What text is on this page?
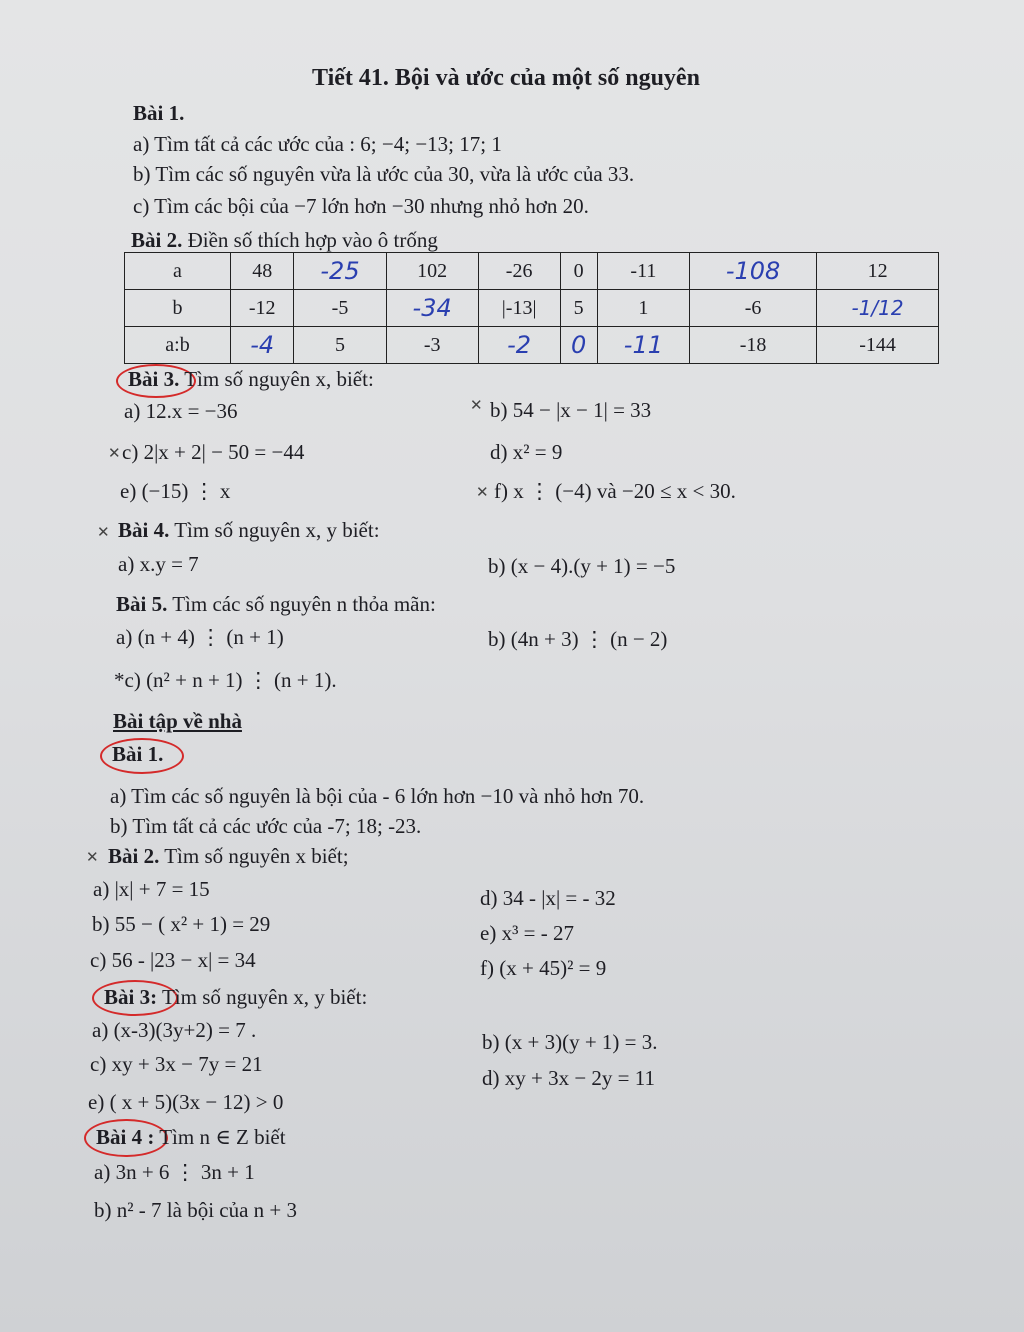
Tiết 41. Bội và ước của một số nguyên
Bài 1.
a) Tìm tất cả các ước của : 6; −4; −13; 17; 1
b) Tìm các số nguyên vừa là ước của 30, vừa là ước của 33.
c) Tìm các bội của −7 lớn hơn −30 nhưng nhỏ hơn 20.
Bài 2. Điền số thích hợp vào ô trống
a	48	-25	102	-26	0	-11	-108	12
b	-12	-5	-34	|-13|	5	1	-6	-1/12
a:b	-4	5	-3	-2	0	-11	-18	-144
Bài 3. Tìm số nguyên x, biết:
a) 12.x = −36	✕ b) 54 − |x − 1| = 33
✕ c) 2|x + 2| − 50 = −44	d) x² = 9
e) (−15) ⋮ x	✕ f) x ⋮ (−4) và −20 ≤ x < 30.
✕ Bài 4. Tìm số nguyên x, y biết:
a) x.y = 7	b) (x − 4).(y + 1) = −5
Bài 5. Tìm các số nguyên n thỏa mãn:
a) (n + 4) ⋮ (n + 1)	b) (4n + 3) ⋮ (n − 2)
*c) (n² + n + 1) ⋮ (n + 1).
Bài tập về nhà
Bài 1.
a) Tìm các số nguyên là bội của - 6 lớn hơn −10 và nhỏ hơn 70.
b) Tìm tất cả các ước của -7; 18; -23.
✕ Bài 2. Tìm số nguyên x biết;
a) |x| + 7 = 15	d) 34 - |x| = - 32
b) 55 − ( x² + 1) = 29	e) x³ = - 27
c) 56 - |23 − x| = 34	f) (x + 45)² = 9
Bài 3: Tìm số nguyên x, y biết:
a) (x-3)(3y+2) = 7 .	b) (x + 3)(y + 1) = 3.
c) xy + 3x − 7y = 21
d) xy + 3x − 2y = 11
e) ( x + 5)(3x − 12) > 0
Bài 4 : Tìm n ∈ Z biết
a) 3n + 6 ⋮ 3n + 1
b) n² - 7 là bội của n + 3
